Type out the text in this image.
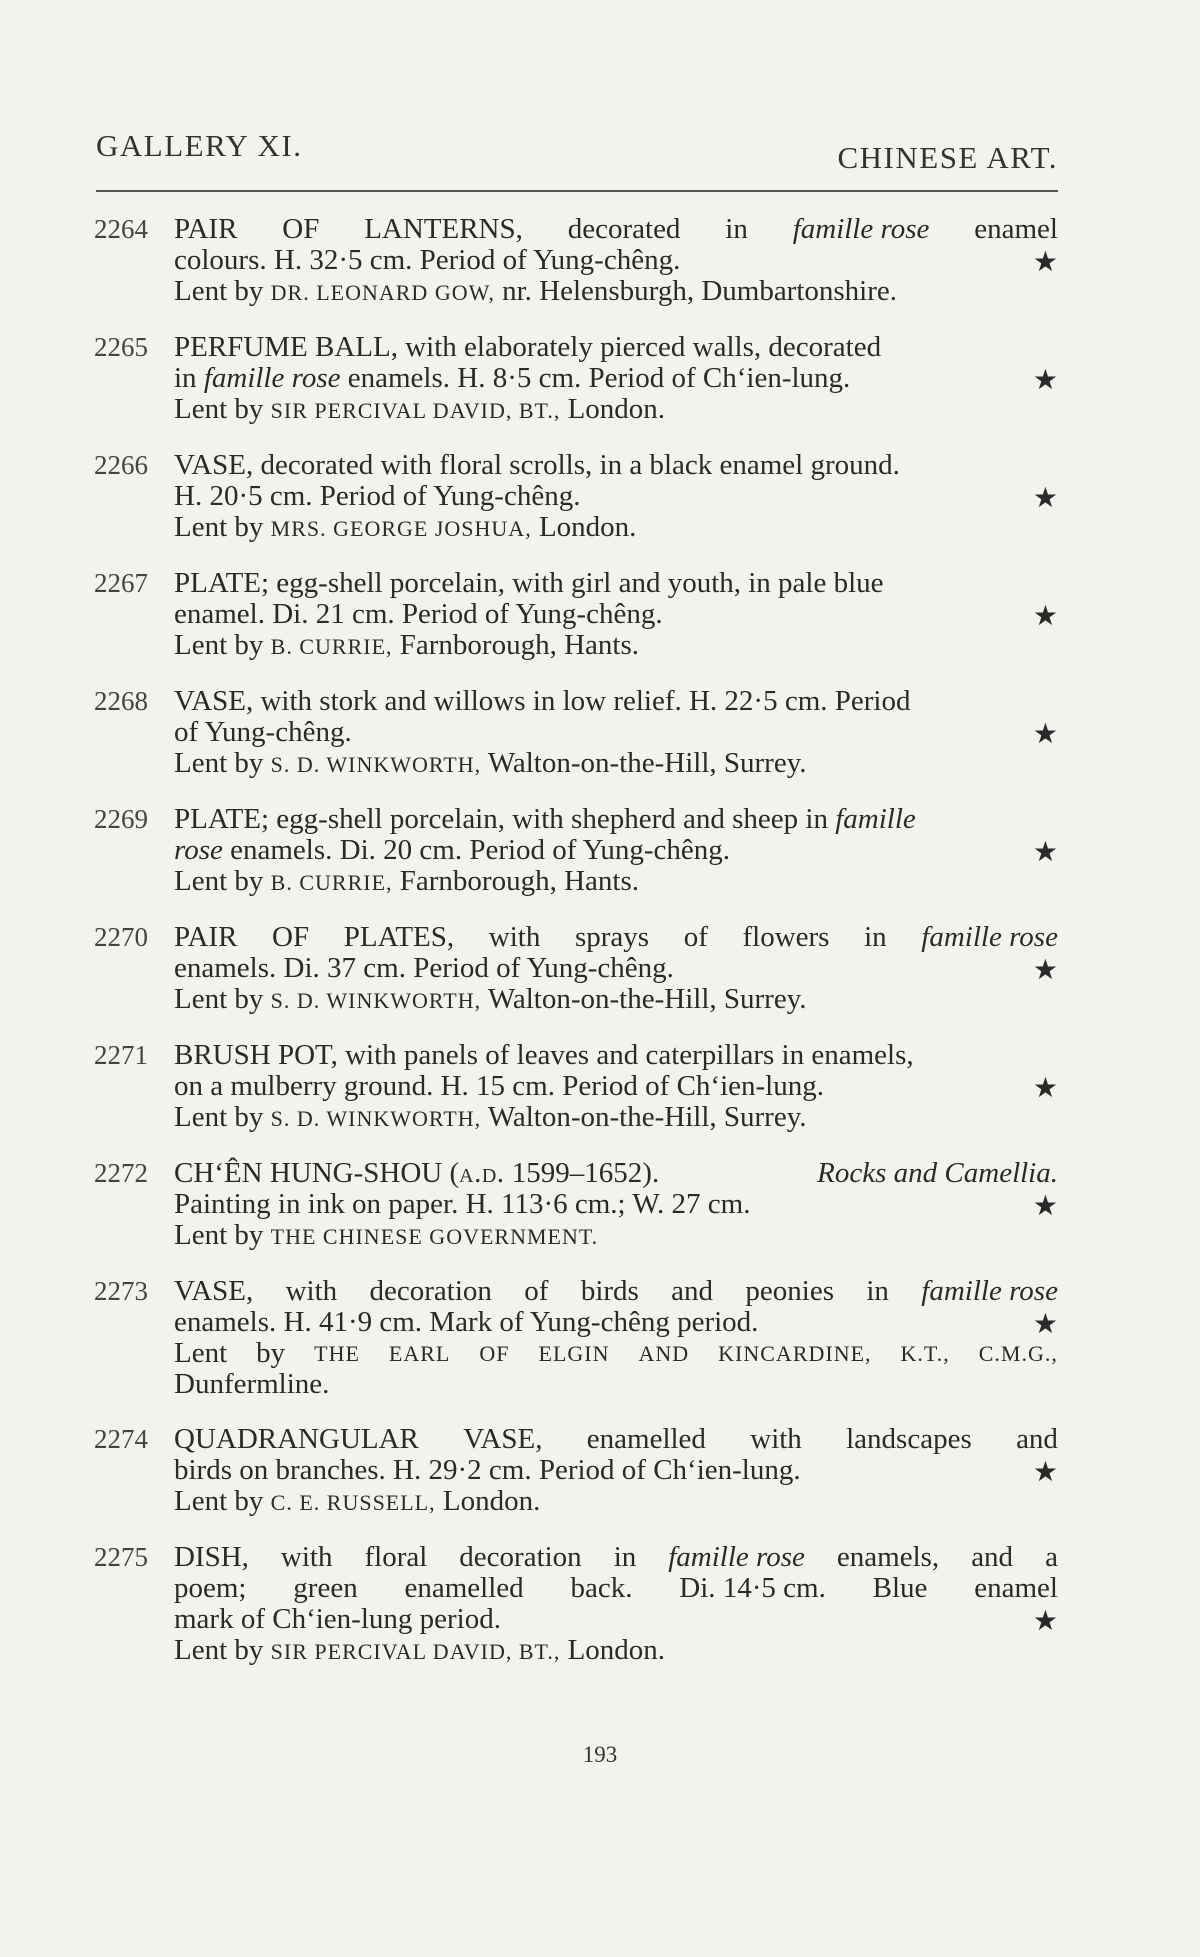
GALLERY XI.	CHINESE ART.
2264 PAIR OF LANTERNS, decorated in famille rose enamel
colours. H. 32·5 cm. Period of Yung-chêng.	★
Lent by DR. LEONARD GOW, nr. Helensburgh, Dumbartonshire.
2265 PERFUME BALL, with elaborately pierced walls, decorated
in famille rose enamels. H. 8·5 cm. Period of Ch‘ien-lung.	★
Lent by SIR PERCIVAL DAVID, BT., London.
2266 VASE, decorated with floral scrolls, in a black enamel ground.
H. 20·5 cm. Period of Yung-chêng.	★
Lent by MRS. GEORGE JOSHUA, London.
2267 PLATE; egg-shell porcelain, with girl and youth, in pale blue
enamel. Di. 21 cm. Period of Yung-chêng.	★
Lent by B. CURRIE, Farnborough, Hants.
2268 VASE, with stork and willows in low relief. H. 22·5 cm. Period
of Yung-chêng.	★
Lent by S. D. WINKWORTH, Walton-on-the-Hill, Surrey.
2269 PLATE; egg-shell porcelain, with shepherd and sheep in famille
rose enamels. Di. 20 cm. Period of Yung-chêng.	★
Lent by B. CURRIE, Farnborough, Hants.
2270 PAIR OF PLATES, with sprays of flowers in famille rose
enamels. Di. 37 cm. Period of Yung-chêng.	★
Lent by S. D. WINKWORTH, Walton-on-the-Hill, Surrey.
2271 BRUSH POT, with panels of leaves and caterpillars in enamels,
on a mulberry ground. H. 15 cm. Period of Ch‘ien-lung.	★
Lent by S. D. WINKWORTH, Walton-on-the-Hill, Surrey.
2272 CH‘ÊN HUNG-SHOU (a.d. 1599–1652).	Rocks and Camellia.
Painting in ink on paper. H. 113·6 cm.; W. 27 cm.	★
Lent by THE CHINESE GOVERNMENT.
2273 VASE, with decoration of birds and peonies in famille rose
enamels. H. 41·9 cm. Mark of Yung-chêng period.	★
Lent by THE EARL OF ELGIN AND KINCARDINE, K.T., C.M.G.,
Dunfermline.
2274 QUADRANGULAR VASE, enamelled with landscapes and
birds on branches. H. 29·2 cm. Period of Ch‘ien-lung.	★
Lent by C. E. RUSSELL, London.
2275 DISH, with floral decoration in famille rose enamels, and a
poem; green enamelled back. Di. 14·5 cm. Blue enamel
mark of Ch‘ien-lung period.	★
Lent by SIR PERCIVAL DAVID, BT., London.
193
